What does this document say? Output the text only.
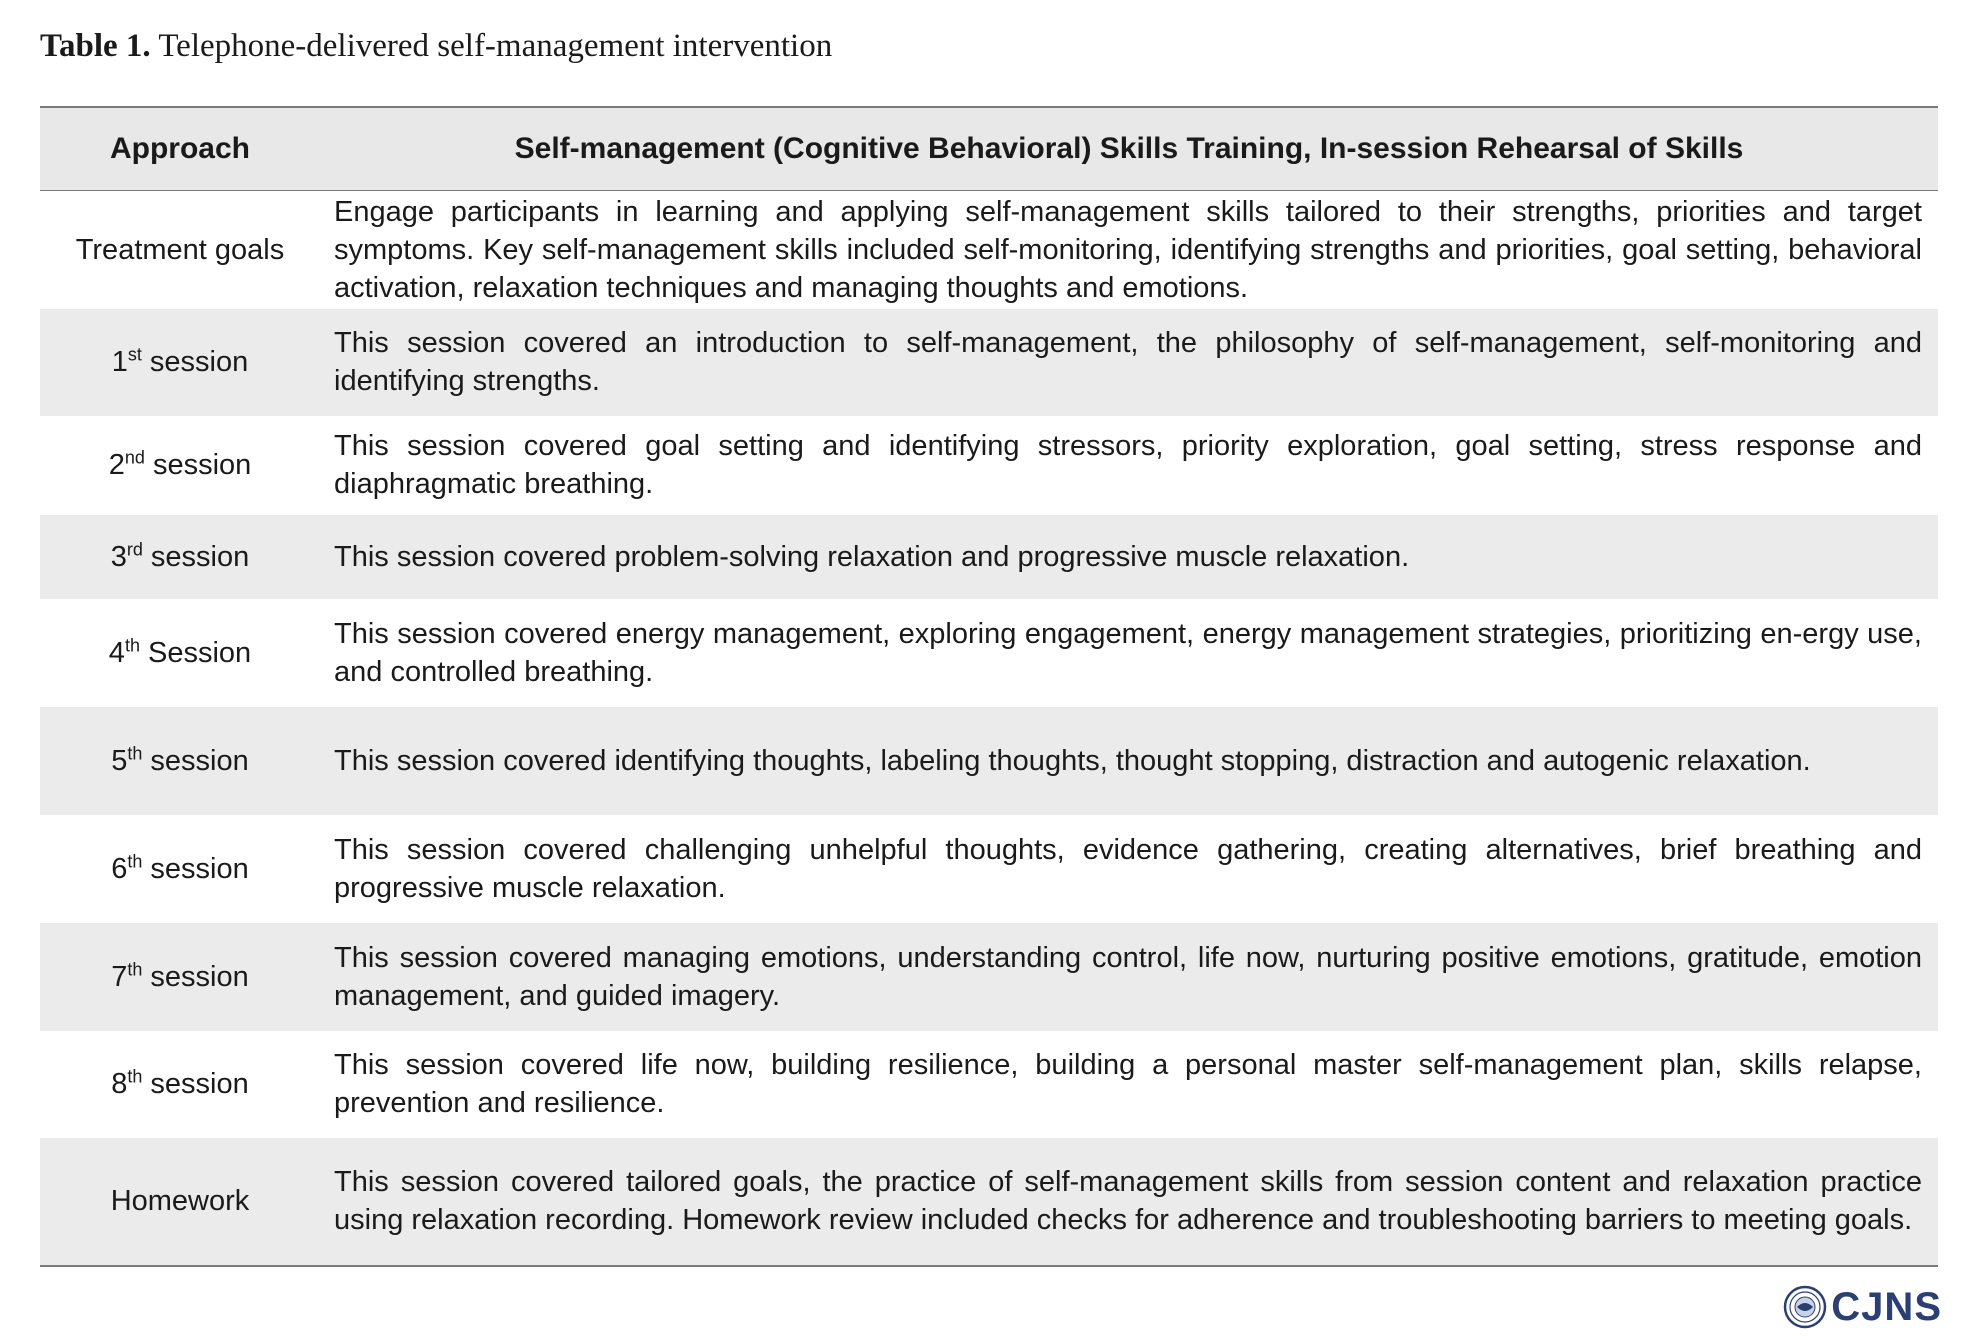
Table 1. Telephone-delivered self-management intervention
Approach	Self-management (Cognitive Behavioral) Skills Training, In-session Rehearsal of Skills
Treatment goals	Engage participants in learning and applying self-management skills tailored to their strengths, priorities and target symptoms. Key self-management skills included self-monitoring, identifying strengths and priorities, goal setting, behavioral activation, relaxation techniques and managing thoughts and emotions.
1st session	This session covered an introduction to self-management, the philosophy of self-management, self-monitoring and identifying strengths.
2nd session	This session covered goal setting and identifying stressors, priority exploration, goal setting, stress response and diaphragmatic breathing.
3rd session	This session covered problem-solving relaxation and progressive muscle relaxation.
4th Session	This session covered energy management, exploring engagement, energy management strategies, prioritizing en-ergy use, and controlled breathing.
5th session	This session covered identifying thoughts, labeling thoughts, thought stopping, distraction and autogenic relaxation.
6th session	This session covered challenging unhelpful thoughts, evidence gathering, creating alternatives, brief breathing and progressive muscle relaxation.
7th session	This session covered managing emotions, understanding control, life now, nurturing positive emotions, gratitude, emotion management, and guided imagery.
8th session	This session covered life now, building resilience, building a personal master self-management plan, skills relapse, prevention and resilience.
Homework	This session covered tailored goals, the practice of self-management skills from session content and relaxation practice using relaxation recording. Homework review included checks for adherence and troubleshooting barriers to meeting goals.
CJNS
